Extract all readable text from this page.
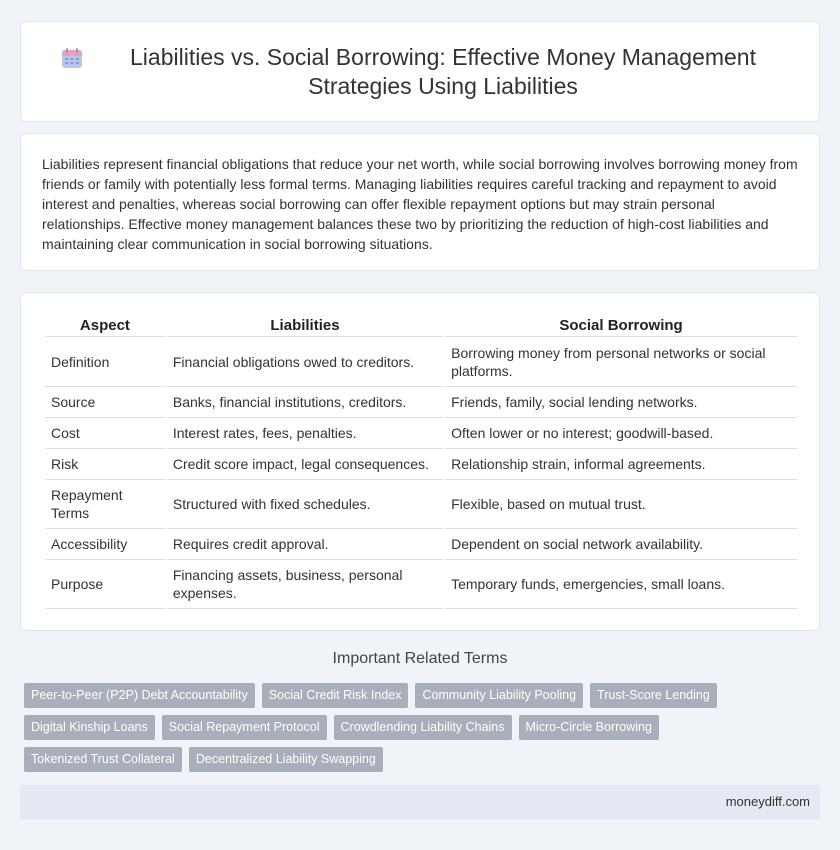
Liabilities vs. Social Borrowing: Effective Money Management Strategies Using Liabilities

Liabilities represent financial obligations that reduce your net worth, while social borrowing involves borrowing money from friends or family with potentially less formal terms. Managing liabilities requires careful tracking and repayment to avoid interest and penalties, whereas social borrowing can offer flexible repayment options but may strain personal relationships. Effective money management balances these two by prioritizing the reduction of high-cost liabilities and maintaining clear communication in social borrowing situations.

Aspect	Liabilities	Social Borrowing
Definition	Financial obligations owed to creditors.	Borrowing money from personal networks or social platforms.
Source	Banks, financial institutions, creditors.	Friends, family, social lending networks.
Cost	Interest rates, fees, penalties.	Often lower or no interest; goodwill-based.
Risk	Credit score impact, legal consequences.	Relationship strain, informal agreements.
Repayment Terms	Structured with fixed schedules.	Flexible, based on mutual trust.
Accessibility	Requires credit approval.	Dependent on social network availability.
Purpose	Financing assets, business, personal expenses.	Temporary funds, emergencies, small loans.
Important Related Terms
Peer-to-Peer (P2P) Debt Accountability	Social Credit Risk Index	Community Liability Pooling	Trust-Score Lending
Digital Kinship Loans	Social Repayment Protocol	Crowdlending Liability Chains	Micro-Circle Borrowing
Tokenized Trust Collateral	Decentralized Liability Swapping
moneydiff.com
